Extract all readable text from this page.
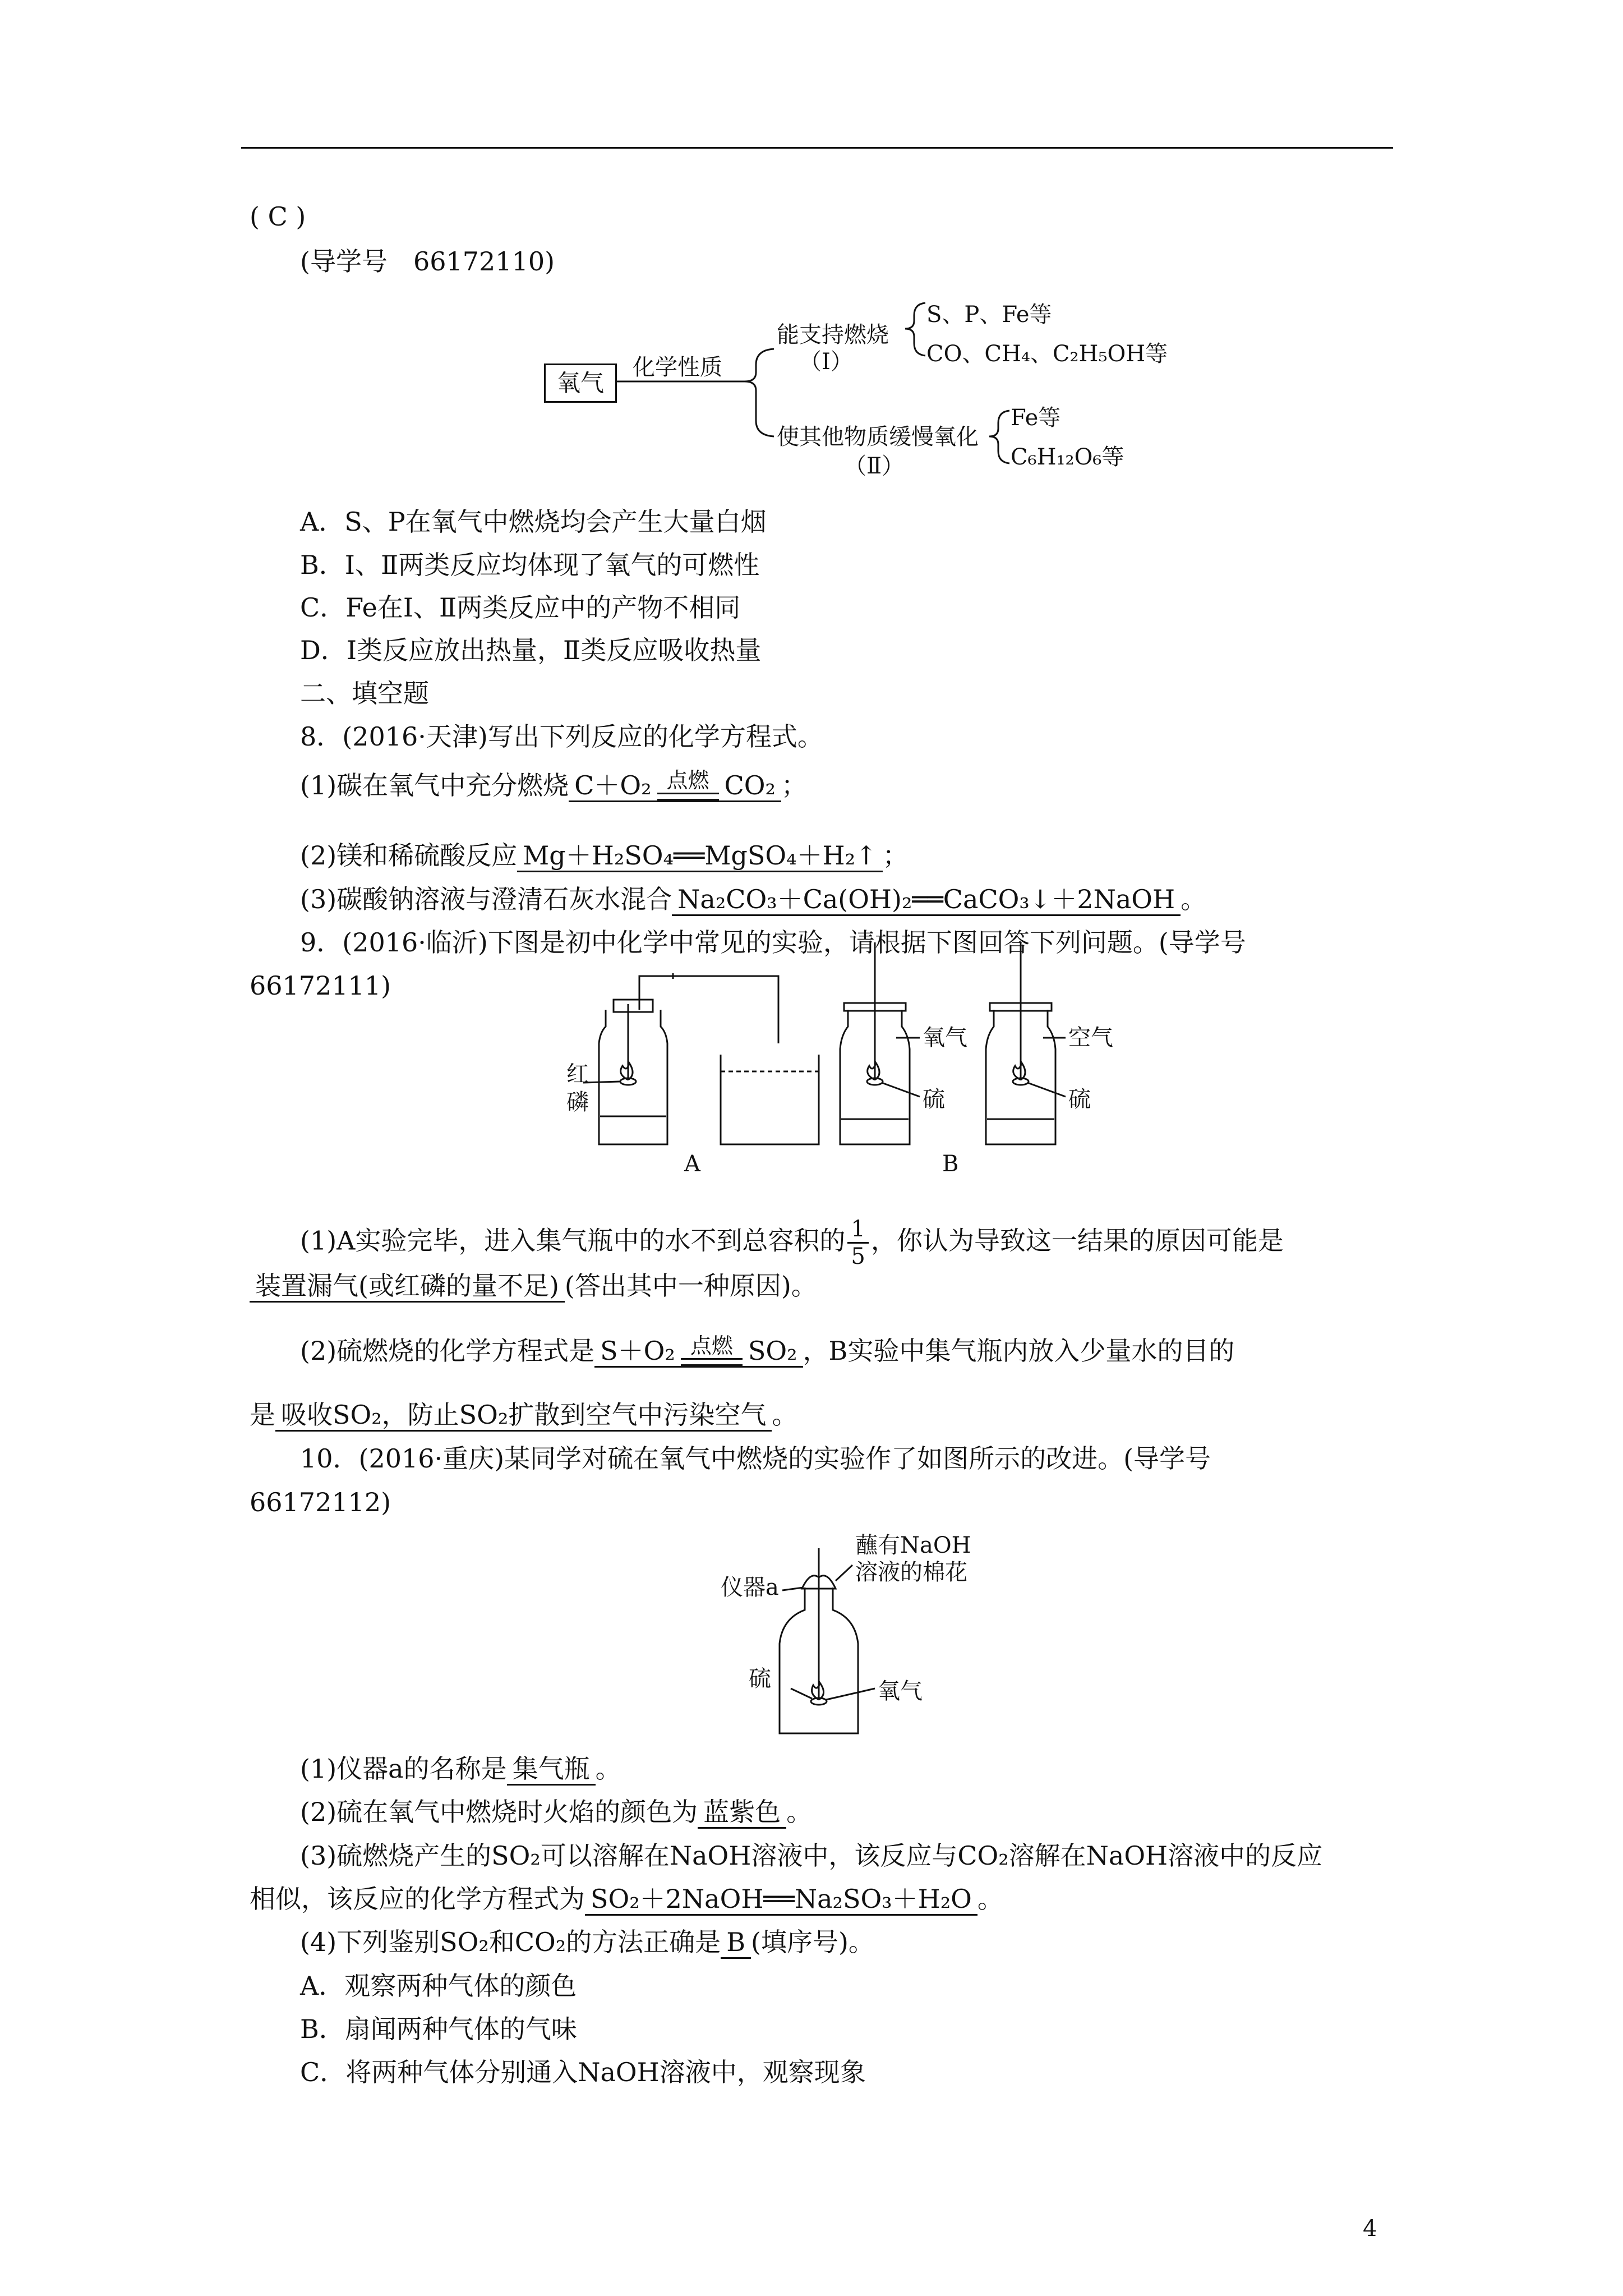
( C )
(导学号　66172110)
氧气
化学性质
能支持燃烧
（Ⅰ）
S、P、Fe等
CO、CH₄、C₂H₅OH等
使其他物质缓慢氧化
（Ⅱ）
Fe等
C₆H₁₂O₆等
A．S、P在氧气中燃烧均会产生大量白烟
B．Ⅰ、Ⅱ两类反应均体现了氧气的可燃性
C．Fe在Ⅰ、Ⅱ两类反应中的产物不相同
D．Ⅰ类反应放出热量，Ⅱ类反应吸收热量
二、填空题
8．(2016·天津)写出下列反应的化学方程式。
(1)碳在氧气中充分燃烧 C＋O₂ 点燃 CO₂ ；
(2)镁和稀硫酸反应 Mg＋H₂SO₄══MgSO₄＋H₂↑ ；
(3)碳酸钠溶液与澄清石灰水混合 Na₂CO₃＋Ca(OH)₂══CaCO₃↓＋2NaOH 。
9．(2016·临沂)下图是初中化学中常见的实验，请根据下图回答下列问题。(导学号
66172111)
红
磷
氧气
硫
空气
硫
A	B
(1)A实验完毕，进入集气瓶中的水不到总容积的 $\frac{1}{5}$ ，你认为导致这一结果的原因可能是
装置漏气(或红磷的量不足) (答出其中一种原因)。
(2)硫燃烧的化学方程式是 S＋O₂ 点燃 SO₂ ，B实验中集气瓶内放入少量水的目的
是 吸收SO₂，防止SO₂扩散到空气中污染空气 。
10．(2016·重庆)某同学对硫在氧气中燃烧的实验作了如图所示的改进。(导学号
66172112)
蘸有NaOH
溶液的棉花
仪器a
硫	氧气
(1)仪器a的名称是 集气瓶 。
(2)硫在氧气中燃烧时火焰的颜色为 蓝紫色 。
(3)硫燃烧产生的SO₂可以溶解在NaOH溶液中，该反应与CO₂溶解在NaOH溶液中的反应
相似，该反应的化学方程式为 SO₂＋2NaOH══Na₂SO₃＋H₂O 。
(4)下列鉴别SO₂和CO₂的方法正确是 B (填序号)。
A．观察两种气体的颜色
B．扇闻两种气体的气味
C．将两种气体分别通入NaOH溶液中，观察现象
4
